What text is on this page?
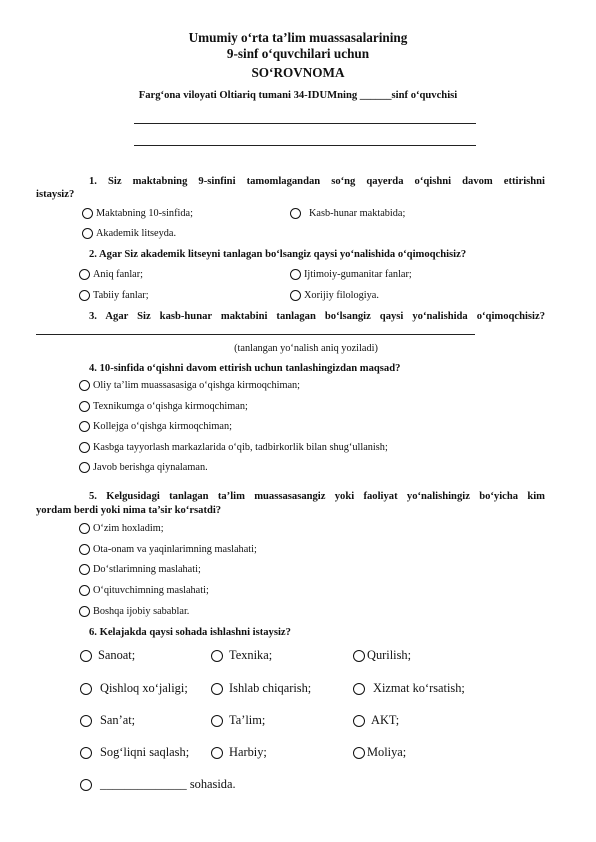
Umumiy o‘rta ta’lim muassasalarining
9-sinf o‘quvchilari uchun
SO‘ROVNOMA
Farg‘ona viloyati Oltiariq tumani 34-IDUMning ______sinf o‘quvchisi
1. Siz maktabning 9-sinfini tamomlagandan so‘ng qayerda o‘qishni davom ettirishni
istaysiz?
Maktabning 10-sinfida;	Kasb-hunar maktabida;
Akademik litseyda.
2. Agar Siz akademik litseyni tanlagan bo‘lsangiz qaysi yo‘nalishida o‘qimoqchisiz?
Aniq fanlar;	Ijtimoiy-gumanitar fanlar;
Tabiiy fanlar;	Xorijiy filologiya.
3. Agar Siz kasb-hunar maktabini tanlagan bo‘lsangiz qaysi yo‘nalishida o‘qimoqchisiz?
(tanlangan yo‘nalish aniq yoziladi)
4. 10-sinfida o‘qishni davom ettirish uchun tanlashingizdan maqsad?
Oliy ta’lim muassasasiga o‘qishga kirmoqchiman;
Texnikumga o‘qishga kirmoqchiman;
Kollejga o‘qishga kirmoqchiman;
Kasbga tayyorlash markazlarida o‘qib, tadbirkorlik bilan shug‘ullanish;
Javob berishga qiynalaman.
5. Kelgusidagi tanlagan ta’lim muassasasangiz yoki faoliyat yo‘nalishingiz bo‘yicha kim
yordam berdi yoki nima ta’sir ko‘rsatdi?
O‘zim hoxladim;
Ota-onam va yaqinlarimning maslahati;
Do‘stlarimning maslahati;
O‘qituvchimning maslahati;
Boshqa ijobiy sabablar.
6. Kelajakda qaysi sohada ishlashni istaysiz?
Sanoat;	Texnika;	Qurilish;
Qishloq xo‘jaligi;	Ishlab chiqarish;	Xizmat ko‘rsatish;
San’at;	Ta’lim;	AKT;
Sog‘liqni saqlash;	Harbiy;	Moliya;
______________ sohasida.
